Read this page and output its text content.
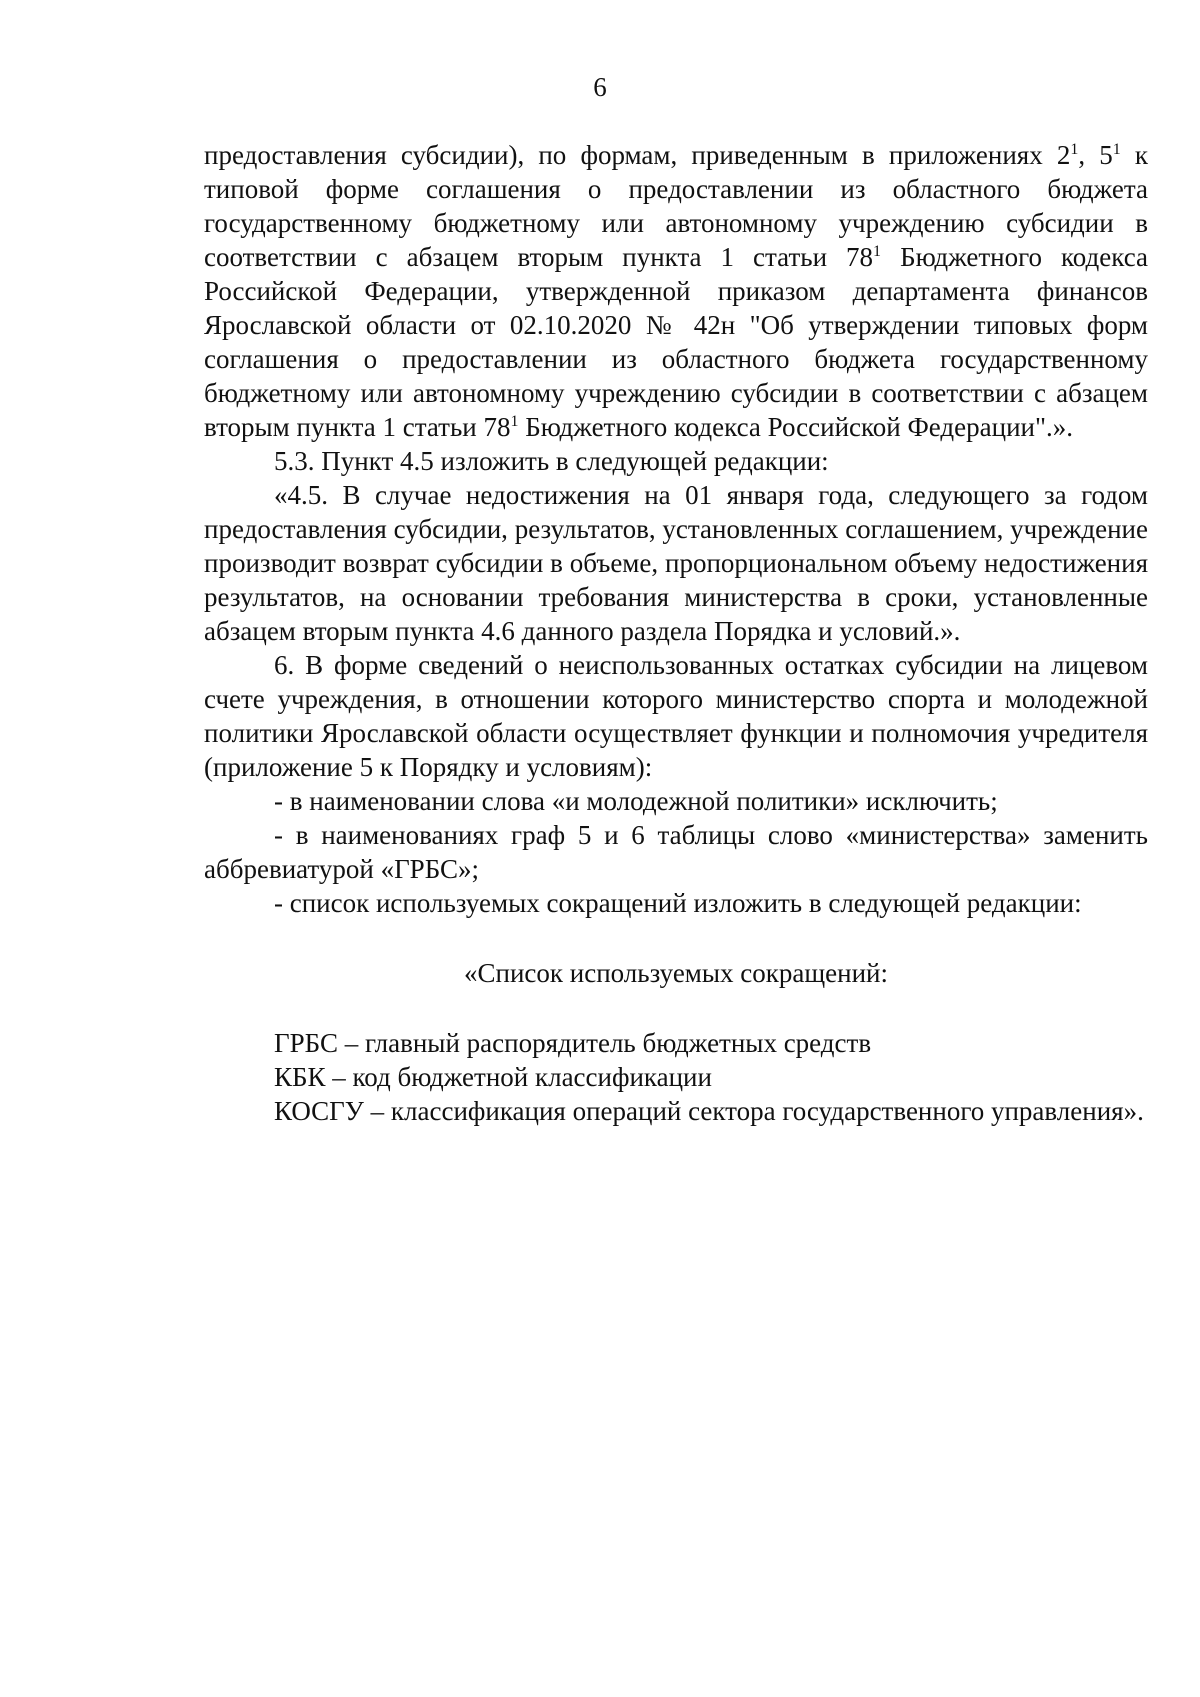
6

предоставления субсидии), по формам, приведенным в приложениях $2^1$, $5^1$ к типовой форме соглашения о предоставлении из областного бюджета государственному бюджетному или автономному учреждению субсидии в соответствии с абзацем вторым пункта 1 статьи $78^1$ Бюджетного кодекса Российской Федерации, утвержденной приказом департамента финансов Ярославской области от 02.10.2020 № 42н "Об утверждении типовых форм соглашения о предоставлении из областного бюджета государственному бюджетному или автономному учреждению субсидии в соответствии с абзацем вторым пункта 1 статьи $78^1$ Бюджетного кодекса Российской Федерации".».

5.3. Пункт 4.5 изложить в следующей редакции:

«4.5. В случае недостижения на 01 января года, следующего за годом предоставления субсидии, результатов, установленных соглашением, учреждение производит возврат субсидии в объеме, пропорциональном объему недостижения результатов, на основании требования министерства в сроки, установленные абзацем вторым пункта 4.6 данного раздела Порядка и условий.».

6. В форме сведений о неиспользованных остатках субсидии на лицевом счете учреждения, в отношении которого министерство спорта и молодежной политики Ярославской области осуществляет функции и полномочия учредителя (приложение 5 к Порядку и условиям):

- в наименовании слова «и молодежной политики» исключить;

- в наименованиях граф 5 и 6 таблицы слово «министерства» заменить аббревиатурой «ГРБС»;

- список используемых сокращений изложить в следующей редакции:

«Список используемых сокращений:

ГРБС – главный распорядитель бюджетных средств

КБК – код бюджетной классификации

КОСГУ – классификация операций сектора государственного управления».
